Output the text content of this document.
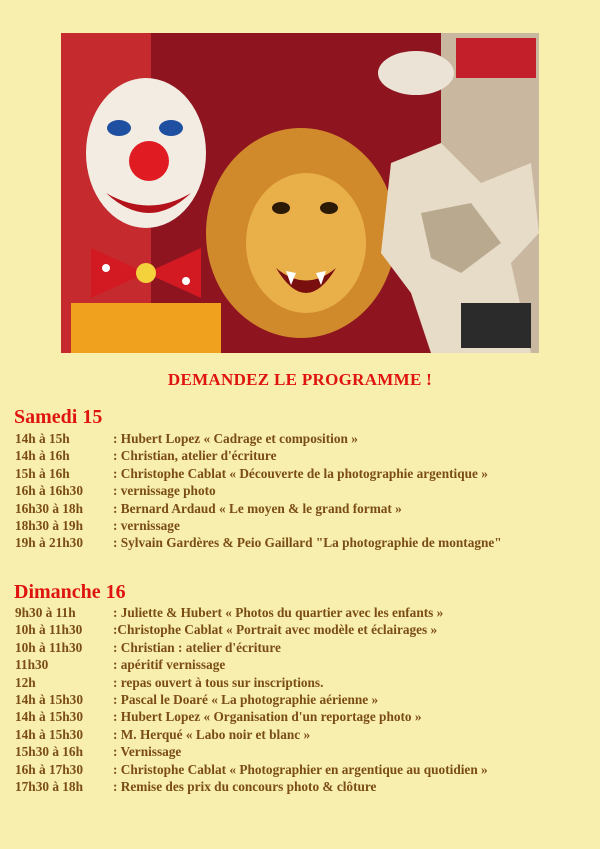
DEMANDEZ LE PROGRAMME !
Samedi 15
14h à 15h	: Hubert Lopez « Cadrage et composition »
14h à 16h	: Christian, atelier d'écriture
15h à 16h	: Christophe Cablat « Découverte de la photographie argentique »
16h à 16h30 : vernissage photo
16h30 à 18h : Bernard Ardaud « Le moyen & le grand format »
18h30 à 19h : vernissage
19h à 21h30 : Sylvain Gardères & Peio Gaillard "La photographie de montagne"
Dimanche 16
9h30 à 11h	: Juliette & Hubert « Photos du quartier avec les enfants »
10h à 11h30 :Christophe Cablat « Portrait avec modèle et éclairages »
10h à 11h30 : Christian : atelier d'écriture
11h30	: apéritif vernissage
12h	: repas ouvert à tous sur inscriptions.
14h à 15h30 : Pascal le Doaré « La photographie aérienne »
14h à 15h30 : Hubert Lopez « Organisation d'un reportage photo »
14h à 15h30 : M. Herqué « Labo noir et blanc »
15h30 à 16h : Vernissage
16h à 17h30 : Christophe Cablat « Photographier en argentique au quotidien »
17h30 à 18h : Remise des prix du concours photo & clôture
